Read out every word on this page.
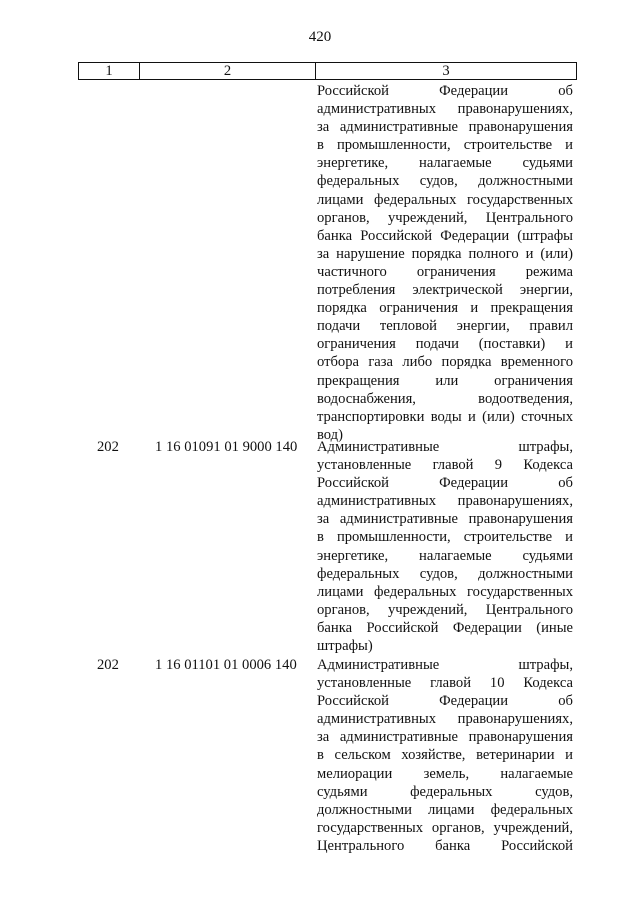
420
1	2	3
Российской Федерации об
административных правонарушениях,
за административные правонарушения
в промышленности, строительстве и
энергетике, налагаемые судьями
федеральных судов, должностными
лицами федеральных государственных
органов, учреждений, Центрального
банка Российской Федерации (штрафы
за нарушение порядка полного и (или)
частичного ограничения режима
потребления электрической энергии,
порядка ограничения и прекращения
подачи тепловой энергии, правил
ограничения подачи (поставки) и
отбора газа либо порядка временного
прекращения или ограничения
водоснабжения, водоотведения,
транспортировки воды и (или) сточных
вод)
202	1 16 01091 01 9000 140	Административные штрафы,
установленные главой 9 Кодекса
Российской Федерации об
административных правонарушениях,
за административные правонарушения
в промышленности, строительстве и
энергетике, налагаемые судьями
федеральных судов, должностными
лицами федеральных государственных
органов, учреждений, Центрального
банка Российской Федерации (иные
штрафы)
202	1 16 01101 01 0006 140	Административные штрафы,
установленные главой 10 Кодекса
Российской Федерации об
административных правонарушениях,
за административные правонарушения
в сельском хозяйстве, ветеринарии и
мелиорации земель, налагаемые
судьями федеральных судов,
должностными лицами федеральных
государственных органов, учреждений,
Центрального банка Российской
